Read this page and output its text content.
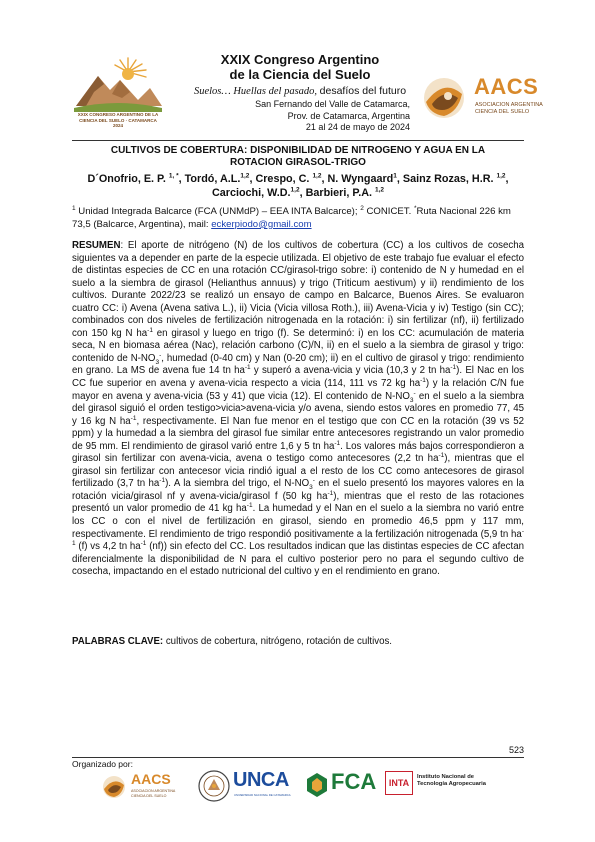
XXIX CONGRESO ARGENTINO DE LA CIENCIA DEL SUELO · CATAMARCA 2024
XXIX Congreso Argentino
de la Ciencia del Suelo
Suelos… Huellas del pasado, desafíos del futuro
San Fernando del Valle de Catamarca,
Prov. de Catamarca, Argentina
21 al 24 de mayo de 2024
AACS
ASOCIACION ARGENTINA
CIENCIA DEL SUELO
CULTIVOS DE COBERTURA: DISPONIBILIDAD DE NITROGENO Y AGUA EN LA
ROTACION GIRASOL-TRIGO
D´Onofrio, E. P. $^{1, *}$, Tordó, A.L.$^{1,2}$, Crespo, C. $^{1,2}$, N. Wyngaard$^1$, Sainz Rozas, H.R. $^{1,2}$,
Carciochi, W.D.$^{1,2}$, Barbieri, P.A. $^{1,2}$
$^1$ Unidad Integrada Balcarce (FCA (UNMdP) – EEA INTA Balcarce); $^2$ CONICET. *Ruta Nacional 226 km 73,5 (Balcarce, Argentina), mail: eckerpiodo@gmail.com
RESUMEN: El aporte de nitrógeno (N) de los cultivos de cobertura (CC) a los cultivos de cosecha siguientes va a depender en parte de la especie utilizada. El objetivo de este trabajo fue evaluar el efecto de distintas especies de CC en una rotación CC/girasol-trigo sobre: i) contenido de N y humedad en el suelo a la siembra de girasol (Helianthus annuus) y trigo (Triticum aestivum) y ii) rendimiento de los cultivos. Durante 2022/23 se realizó un ensayo de campo en Balcarce, Buenos Aires. Se evaluaron cuatro CC: i) Avena (Avena sativa L.), ii) Vicia (Vicia villosa Roth.), iii) Avena-Vicia y iv) Testigo (sin CC); combinados con dos niveles de fertilización nitrogenada en la rotación: i) sin fertilizar (nf), ii) fertilizado con 150 kg N $ha^{-1}$ en girasol y luego en trigo (f). Se determinó: i) en los CC: acumulación de materia seca, N en biomasa aérea (Nac), relación carbono (C)/N, ii) en el suelo a la siembra de girasol y trigo: contenido de $N-NO_3^-$, humedad (0-40 cm) y Nan (0-20 cm); ii) en el cultivo de girasol y trigo: rendimiento en grano. La MS de avena fue 14 tn $ha^{-1}$ y superó a avena-vicia y vicia (10,3 y 2 tn $ha^{-1}$). El Nac en los CC fue superior en avena y avena-vicia respecto a vicia (114, 111 vs 72 kg $ha^{-1}$) y la relación C/N fue mayor en avena y avena-vicia (53 y 41) que vicia (12). El contenido de $N-NO_3^-$ en el suelo a la siembra del girasol siguió el orden testigo>vicia>avena-vicia y/o avena, siendo estos valores en promedio 77, 45 y 16 kg N $ha^{-1}$, respectivamente. El Nan fue menor en el testigo que con CC en la rotación (39 vs 52 ppm) y la humedad a la siembra del girasol fue similar entre antecesores registrando un valor promedio de 95 mm. El rendimiento de girasol varió entre 1,6 y 5 tn $ha^{-1}$. Los valores más bajos correspondieron a girasol sin fertilizar con avena-vicia, avena o testigo como antecesores (2,2 tn $ha^{-1}$), mientras que el girasol sin fertilizar con antecesor vicia rindió igual a el resto de los CC como antecesores de girasol fertilizado (3,7 tn $ha^{-1}$). A la siembra del trigo, el $N-NO_3^-$ en el suelo presentó los mayores valores en la rotación vicia/girasol nf y avena-vicia/girasol f (50 kg $ha^{-1}$), mientras que el resto de las rotaciones presentó un valor promedio de 41 kg $ha^{-1}$. La humedad y el Nan en el suelo a la siembra no varió entre los CC o con el nivel de fertilización en girasol, siendo en promedio 46,5 ppm y 117 mm, respectivamente. El rendimiento de trigo respondió positivamente a la fertilización nitrogenada (5,9 tn $ha^{-1}$ (f) vs 4,2 tn $ha^{-1}$ (nf)) sin efecto del CC. Los resultados indican que las distintas especies de CC afectan diferencialmente la disponibilidad de N para el cultivo posterior pero no para el segundo cultivo de cosecha, impactando en el estado nutricional del cultivo y en el rendimiento en grano.
PALABRAS CLAVE: cultivos de cobertura, nitrógeno, rotación de cultivos.
523
Organizado por:
AACS
ASOCIACION ARGENTINA
CIENCIA DEL SUELO
UNCA
UNIVERSIDAD NACIONAL DE CATAMARCA
FCA	INTA
Instituto Nacional de
Tecnología Agropecuaria
